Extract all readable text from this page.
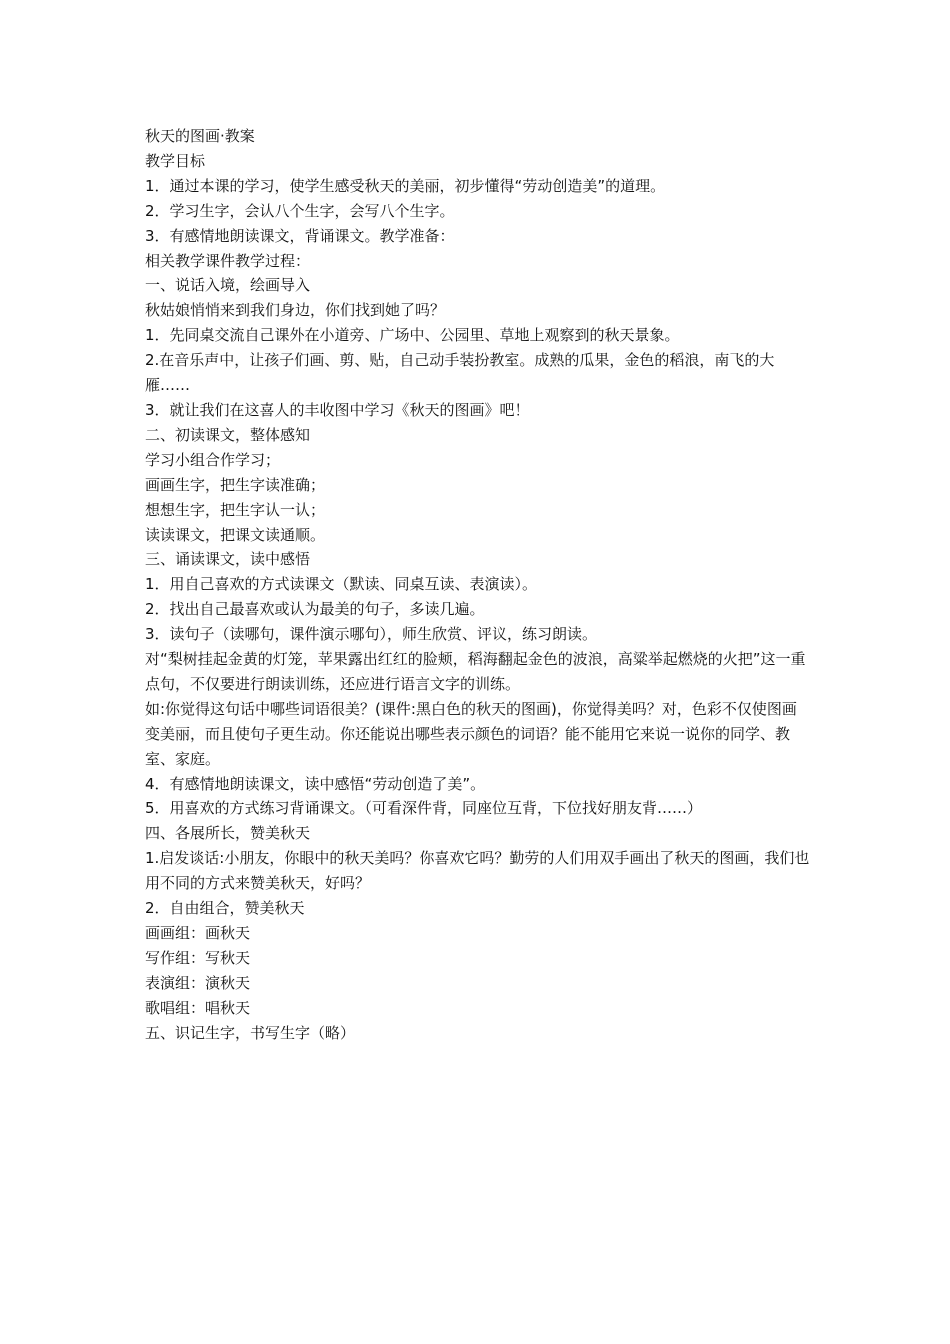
秋天的图画·教案

教学目标

1．通过本课的学习，使学生感受秋天的美丽，初步懂得“劳动创造美”的道理。

2．学习生字，会认八个生字，会写八个生字。

3．有感情地朗读课文，背诵课文。教学准备：

相关教学课件教学过程：

一、说话入境，绘画导入

秋姑娘悄悄来到我们身边，你们找到她了吗？

1．先同桌交流自己课外在小道旁、广场中、公园里、草地上观察到的秋天景象。

2.在音乐声中，让孩子们画、剪、贴，自己动手装扮教室。成熟的瓜果，金色的稻浪，南飞的大雁……

3．就让我们在这喜人的丰收图中学习《秋天的图画》吧！

二、初读课文，整体感知

学习小组合作学习；

画画生字，把生字读准确；

想想生字，把生字认一认；

读读课文，把课文读通顺。

三、诵读课文，读中感悟

1．用自己喜欢的方式读课文（默读、同桌互读、表演读）。

2．找出自己最喜欢或认为最美的句子，多读几遍。

3．读句子（读哪句，课件演示哪句），师生欣赏、评议，练习朗读。

对“梨树挂起金黄的灯笼，苹果露出红红的脸颊，稻海翻起金色的波浪，高粱举起燃烧的火把”这一重点句，不仅要进行朗读训练，还应进行语言文字的训练。

如:你觉得这句话中哪些词语很美？(课件:黑白色的秋天的图画)，你觉得美吗？对，色彩不仅使图画变美丽，而且使句子更生动。你还能说出哪些表示颜色的词语？能不能用它来说一说你的同学、教室、家庭。

4．有感情地朗读课文，读中感悟“劳动创造了美”。

5．用喜欢的方式练习背诵课文。（可看深件背，同座位互背，下位找好朋友背……）

四、各展所长，赞美秋天

1.启发谈话:小朋友，你眼中的秋天美吗？你喜欢它吗？勤劳的人们用双手画出了秋天的图画，我们也用不同的方式来赞美秋天，好吗？

2．自由组合，赞美秋天

画画组：画秋天

写作组：写秋天

表演组：演秋天

歌唱组：唱秋天

五、识记生字，书写生字（略）
